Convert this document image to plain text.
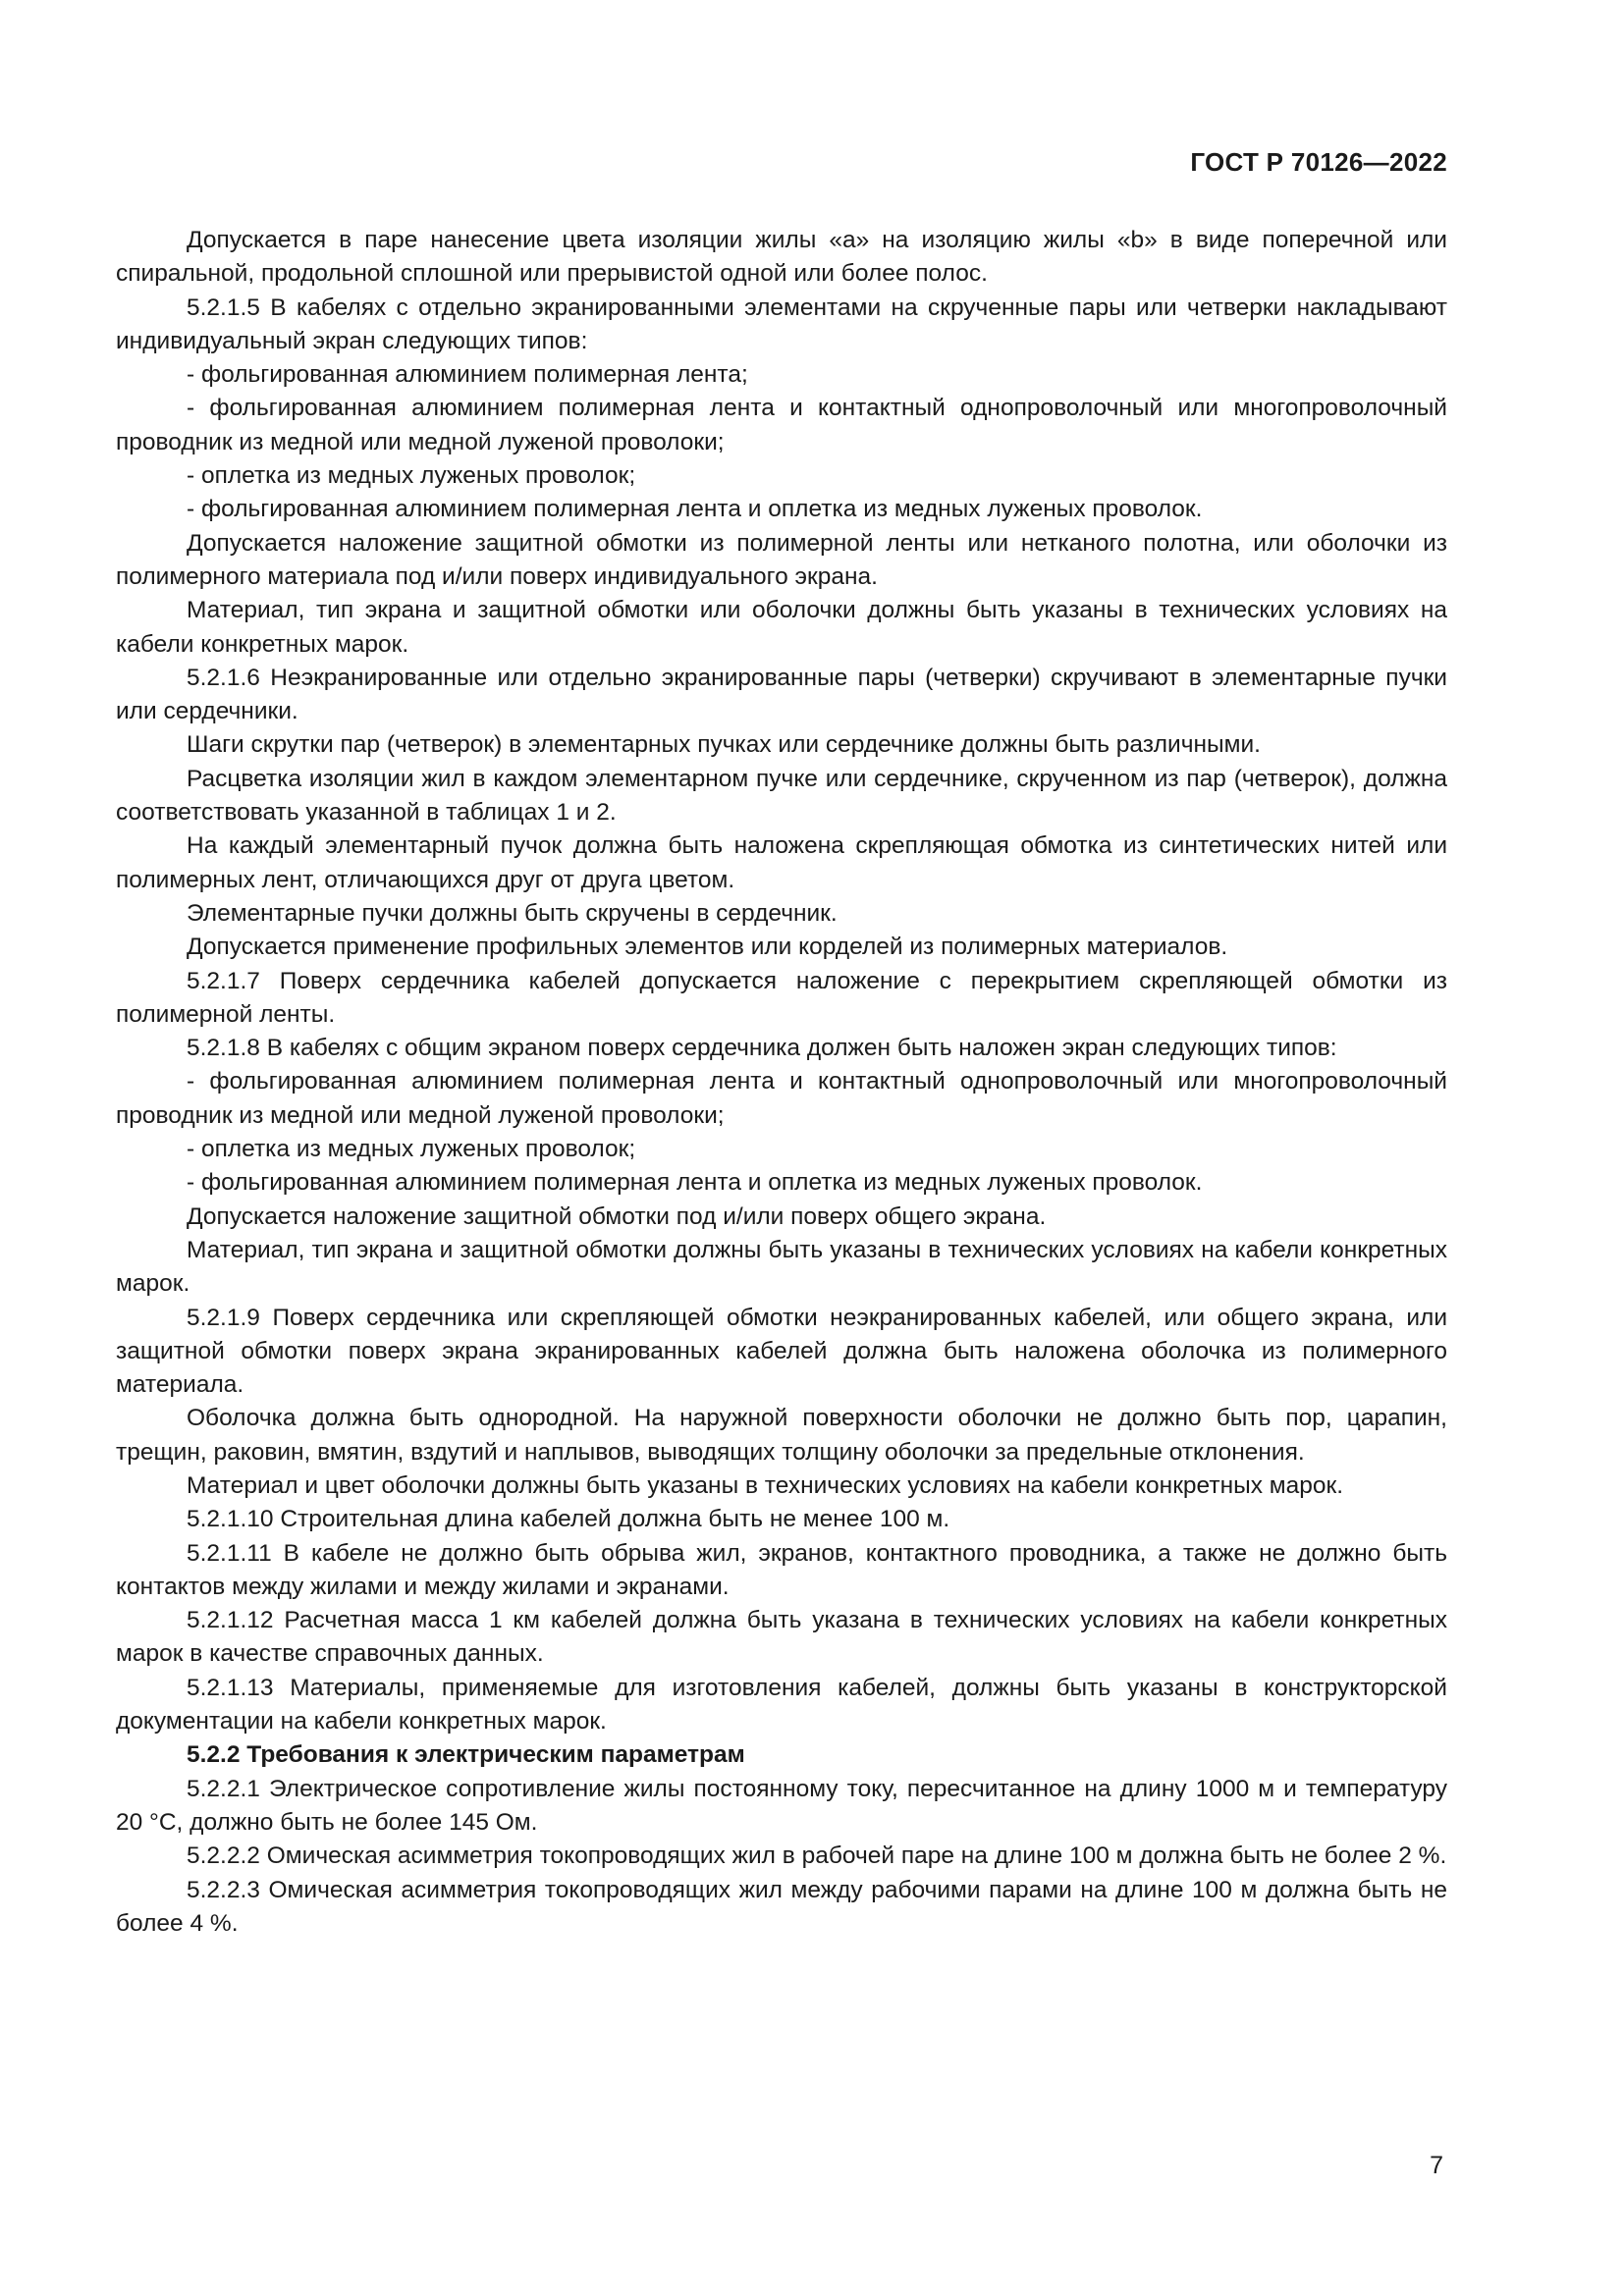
ГОСТ Р 70126—2022

Допускается в паре нанесение цвета изоляции жилы «а» на изоляцию жилы «b» в виде поперечной или спиральной, продольной сплошной или прерывистой одной или более полос.

5.2.1.5 В кабелях с отдельно экранированными элементами на скрученные пары или четверки накладывают индивидуальный экран следующих типов:

- фольгированная алюминием полимерная лента;

- фольгированная алюминием полимерная лента и контактный однопроволочный или многопроволочный проводник из медной или медной луженой проволоки;

- оплетка из медных луженых проволок;

- фольгированная алюминием полимерная лента и оплетка из медных луженых проволок.

Допускается наложение защитной обмотки из полимерной ленты или нетканого полотна, или оболочки из полимерного материала под и/или поверх индивидуального экрана.

Материал, тип экрана и защитной обмотки или оболочки должны быть указаны в технических условиях на кабели конкретных марок.

5.2.1.6 Неэкранированные или отдельно экранированные пары (четверки) скручивают в элементарные пучки или сердечники.

Шаги скрутки пар (четверок) в элементарных пучках или сердечнике должны быть различными.

Расцветка изоляции жил в каждом элементарном пучке или сердечнике, скрученном из пар (четверок), должна соответствовать указанной в таблицах 1 и 2.

На каждый элементарный пучок должна быть наложена скрепляющая обмотка из синтетических нитей или полимерных лент, отличающихся друг от друга цветом.

Элементарные пучки должны быть скручены в сердечник.

Допускается применение профильных элементов или корделей из полимерных материалов.

5.2.1.7 Поверх сердечника кабелей допускается наложение с перекрытием скрепляющей обмотки из полимерной ленты.

5.2.1.8 В кабелях с общим экраном поверх сердечника должен быть наложен экран следующих типов:

- фольгированная алюминием полимерная лента и контактный однопроволочный или многопроволочный проводник из медной или медной луженой проволоки;

- оплетка из медных луженых проволок;

- фольгированная алюминием полимерная лента и оплетка из медных луженых проволок.

Допускается наложение защитной обмотки под и/или поверх общего экрана.

Материал, тип экрана и защитной обмотки должны быть указаны в технических условиях на кабели конкретных марок.

5.2.1.9 Поверх сердечника или скрепляющей обмотки неэкранированных кабелей, или общего экрана, или защитной обмотки поверх экрана экранированных кабелей должна быть наложена оболочка из полимерного материала.

Оболочка должна быть однородной. На наружной поверхности оболочки не должно быть пор, царапин, трещин, раковин, вмятин, вздутий и наплывов, выводящих толщину оболочки за предельные отклонения.

Материал и цвет оболочки должны быть указаны в технических условиях на кабели конкретных марок.

5.2.1.10 Строительная длина кабелей должна быть не менее 100 м.

5.2.1.11 В кабеле не должно быть обрыва жил, экранов, контактного проводника, а также не должно быть контактов между жилами и между жилами и экранами.

5.2.1.12 Расчетная масса 1 км кабелей должна быть указана в технических условиях на кабели конкретных марок в качестве справочных данных.

5.2.1.13 Материалы, применяемые для изготовления кабелей, должны быть указаны в конструкторской документации на кабели конкретных марок.

5.2.2 Требования к электрическим параметрам

5.2.2.1 Электрическое сопротивление жилы постоянному току, пересчитанное на длину 1000 м и температуру 20 °С, должно быть не более 145 Ом.

5.2.2.2 Омическая асимметрия токопроводящих жил в рабочей паре на длине 100 м должна быть не более 2 %.

5.2.2.3 Омическая асимметрия токопроводящих жил между рабочими парами на длине 100 м должна быть не более 4 %.

7
